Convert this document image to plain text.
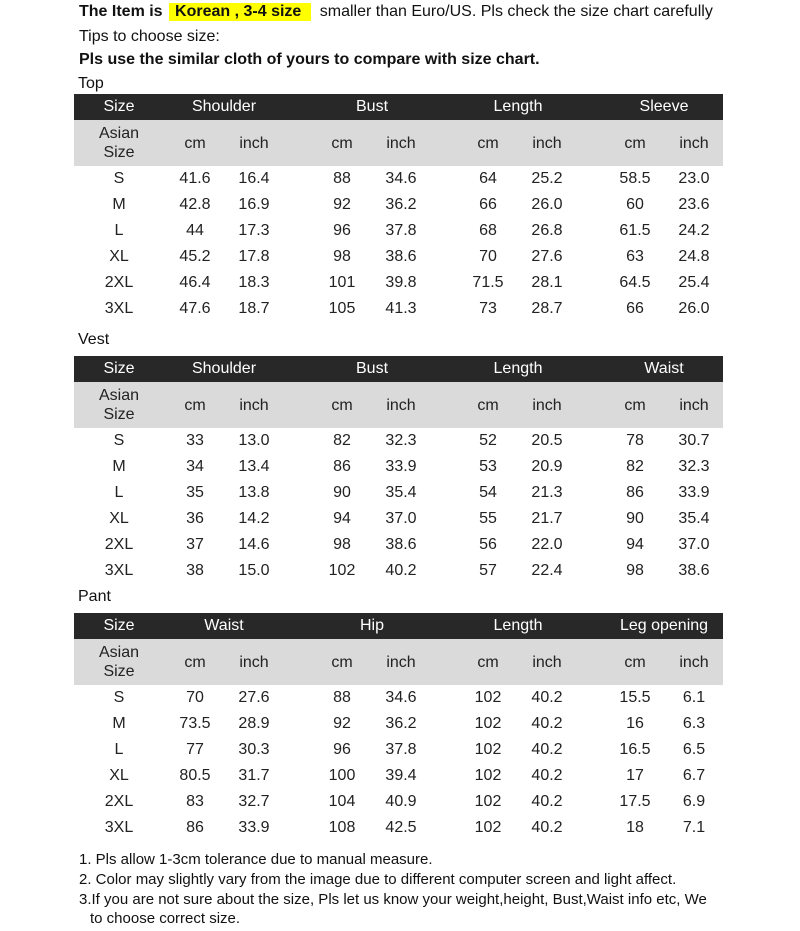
The Item is Korean , 3-4 size smaller than Euro/US. Pls check the size chart carefully
Tips to choose size:
Pls use the similar cloth of yours to compare with size chart.
Top
Size	Shoulder	Bust	Length	Sleeve
Asian
Size
cm inch	cm inch	cm inch	cm inch
S	41.6 16.4	88 34.6	64 25.2	58.5 23.0
M	42.8 16.9	92 36.2	66 26.0	60 23.6
L	44 17.3	96 37.8	68 26.8	61.5 24.2
XL	45.2 17.8	98 38.6	70 27.6	63 24.8
2XL	46.4 18.3	101 39.8	71.5 28.1	64.5 25.4
3XL	47.6 18.7	105 41.3	73 28.7	66 26.0
Vest
Size	Shoulder	Bust	Length	Waist
Asian
Size
cm inch	cm inch	cm inch	cm inch
S	33 13.0	82 32.3	52 20.5	78 30.7
M	34 13.4	86 33.9	53 20.9	82 32.3
L	35 13.8	90 35.4	54 21.3	86 33.9
XL	36 14.2	94 37.0	55 21.7	90 35.4
2XL	37 14.6	98 38.6	56 22.0	94 37.0
3XL	38 15.0	102 40.2	57 22.4	98 38.6
Pant
Size	Waist	Hip	Length	Leg opening
Asian
Size
cm inch	cm inch	cm inch	cm inch
S	70 27.6	88 34.6	102 40.2	15.5 6.1
M	73.5 28.9	92 36.2	102 40.2	16 6.3
L	77 30.3	96 37.8	102 40.2	16.5 6.5
XL	80.5 31.7	100 39.4	102 40.2	17 6.7
2XL	83 32.7	104 40.9	102 40.2	17.5 6.9
3XL	86 33.9	108 42.5	102 40.2	18 7.1
1. Pls allow 1-3cm tolerance due to manual measure.
2. Color may slightly vary from the image due to different computer screen and light affect.
3.If you are not sure about the size, Pls let us know your weight,height, Bust,Waist info etc, We
to choose correct size.
